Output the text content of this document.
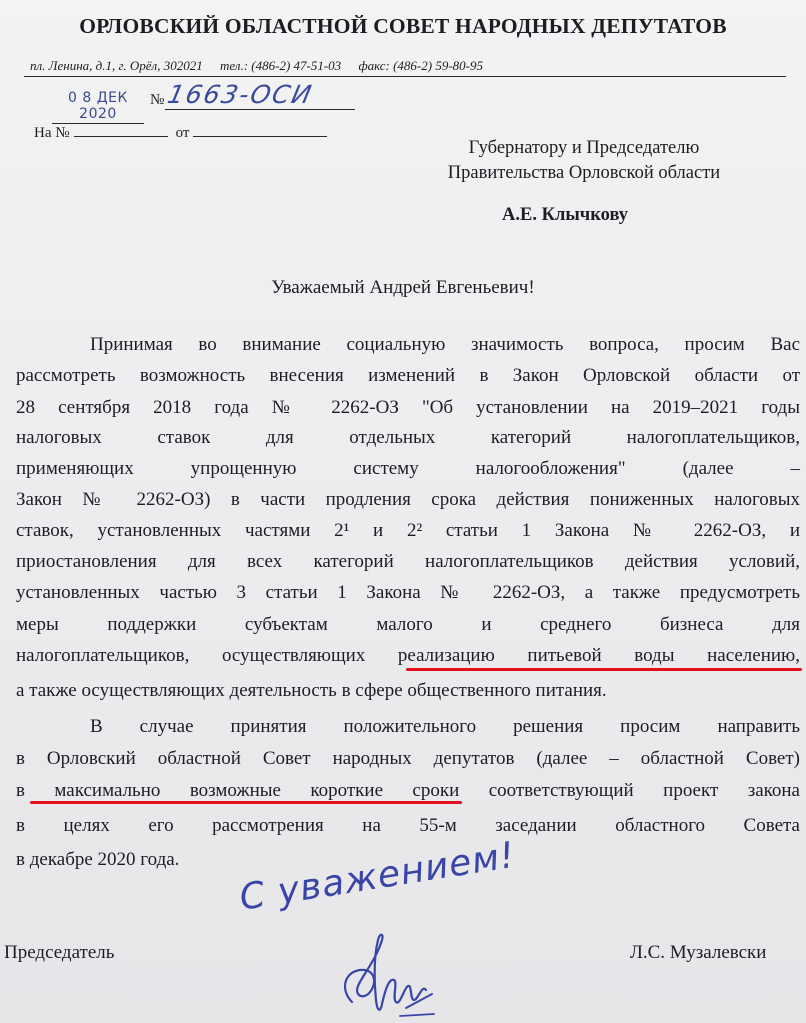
ОРЛОВСКИЙ ОБЛАСТНОЙ СОВЕТ НАРОДНЫХ ДЕПУТАТОВ
пл. Ленина, д.1, г. Орёл, 302021 тел.: (486-2) 47-51-03 факс: (486-2) 59-80-95
0 8 ДЕК 2020
№ 1663-ОСИ
На №	от
Губернатору и Председателю
Правительства Орловской области
А.Е. Клычкову
Уважаемый Андрей Евгеньевич!
Принимая во внимание социальную значимость вопроса, просим Вас
рассмотреть возможность внесения изменений в Закон Орловской области от
28 сентября 2018 года № 2262-ОЗ "Об установлении на 2019–2021 годы
налоговых ставок для отдельных категорий налогоплательщиков,
применяющих упрощенную систему налогообложения" (далее –
Закон № 2262-ОЗ) в части продления срока действия пониженных налоговых
ставок, установленных частями 2¹ и 2² статьи 1 Закона № 2262-ОЗ, и
приостановления для всех категорий налогоплательщиков действия условий,
установленных частью 3 статьи 1 Закона № 2262-ОЗ, а также предусмотреть
меры поддержки субъектам малого и среднего бизнеса для
налогоплательщиков, осуществляющих реализацию питьевой воды населению,
а также осуществляющих деятельность в сфере общественного питания.
В случае принятия положительного решения просим направить
в Орловский областной Совет народных депутатов (далее – областной Совет)
в максимально возможные короткие сроки соответствующий проект закона
в целях его рассмотрения на 55-м заседании областного Совета
в декабре 2020 года.	С уважением!
Председатель	Л.С. Музалевски
